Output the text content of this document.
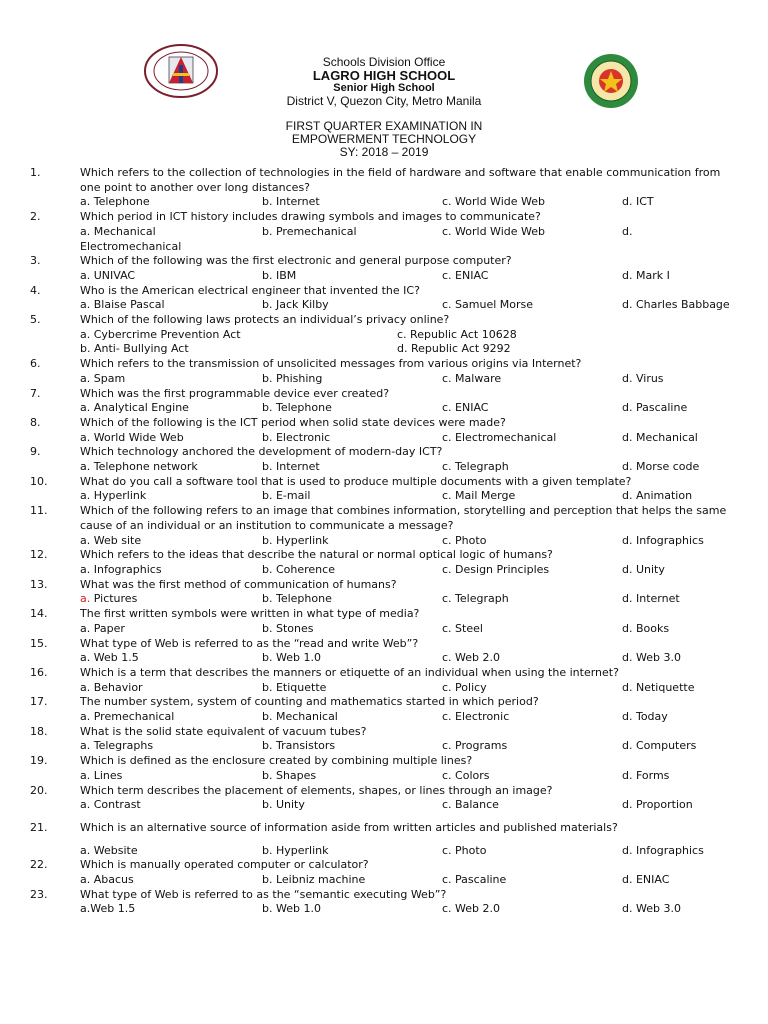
Schools Division Office
LAGRO HIGH SCHOOL
Senior High School
District V, Quezon City, Metro Manila
FIRST QUARTER EXAMINATION IN
EMPOWERMENT TECHNOLOGY
SY: 2018 – 2019
1.	Which refers to the collection of technologies in the field of hardware and software that enable communication from one point to another over long distances?
a. Telephone	b. Internet	c. World Wide Web	d. ICT
2.	Which period in ICT history includes drawing symbols and images to communicate?
a. Mechanical	b. Premechanical	c. World Wide Web	d.
Electromechanical
3.	Which of the following was the first electronic and general purpose computer?
a. UNIVAC	b. IBM	c. ENIAC	d. Mark I
4.	Who is the American electrical engineer that invented the IC?
a. Blaise Pascal	b. Jack Kilby	c. Samuel Morse	d. Charles Babbage
5.	Which of the following laws protects an individual’s privacy online?
a. Cybercrime Prevention Act	c. Republic Act 10628
b. Anti- Bullying Act	d. Republic Act 9292
6.	Which refers to the transmission of unsolicited messages from various origins via Internet?
a. Spam	b. Phishing	c. Malware	d. Virus
7.	Which was the first programmable device ever created?
a. Analytical Engine	b. Telephone	c. ENIAC	d. Pascaline
8.	Which of the following is the ICT period when solid state devices were made?
a. World Wide Web	b. Electronic	c. Electromechanical	d. Mechanical
9.	Which technology anchored the development of modern-day ICT?
a. Telephone network	b. Internet	c. Telegraph	d. Morse code
10.	What do you call a software tool that is used to produce multiple documents with a given template?
a. Hyperlink	b. E-mail	c. Mail Merge	d. Animation
11.	Which of the following refers to an image that combines information, storytelling and perception that helps the same cause of an individual or an institution to communicate a message?
a. Web site	b. Hyperlink	c. Photo	d. Infographics
12.	Which refers to the ideas that describe the natural or normal optical logic of humans?
a. Infographics	b. Coherence	c. Design Principles	d. Unity
13.	What was the first method of communication of humans?
a. Pictures	b. Telephone	c. Telegraph	d. Internet
14.	The first written symbols were written in what type of media?
a. Paper	b. Stones	c. Steel	d. Books
15.	What type of Web is referred to as the “read and write Web”?
a. Web 1.5	b. Web 1.0	c. Web 2.0	d. Web 3.0
16.	Which is a term that describes the manners or etiquette of an individual when using the internet?
a. Behavior	b. Etiquette	c. Policy	d. Netiquette
17.	The number system, system of counting and mathematics started in which period?
a. Premechanical	b. Mechanical	c. Electronic	d. Today
18.	What is the solid state equivalent of vacuum tubes?
a. Telegraphs	b. Transistors	c. Programs	d. Computers
19.	Which is defined as the enclosure created by combining multiple lines?
a. Lines	b. Shapes	c. Colors	d. Forms
20.	Which term describes the placement of elements, shapes, or lines through an image?
a. Contrast	b. Unity	c. Balance	d. Proportion
21.	Which is an alternative source of information aside from written articles and published materials?
a. Website	b. Hyperlink	c. Photo	d. Infographics
22.	Which is manually operated computer or calculator?
a. Abacus	b. Leibniz machine	c. Pascaline	d. ENIAC
23.	What type of Web is referred to as the “semantic executing Web”?
a.Web 1.5	b. Web 1.0	c. Web 2.0	d. Web 3.0
